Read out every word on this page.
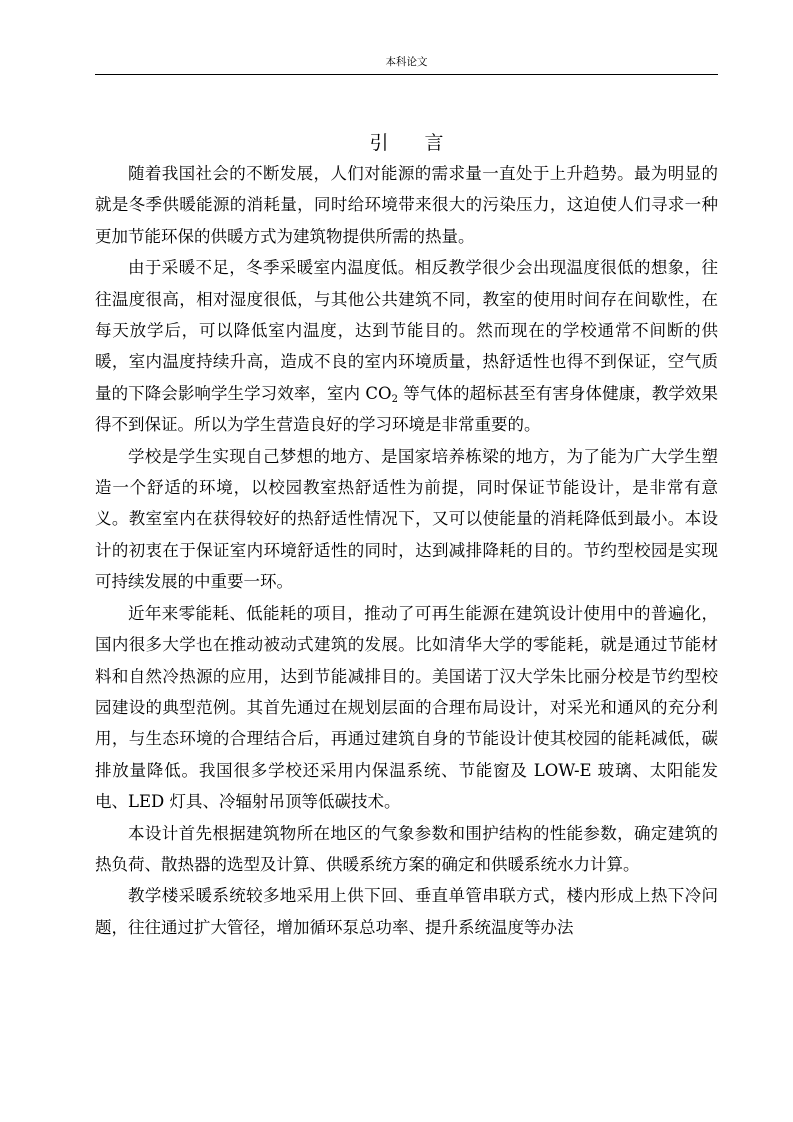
本科论文
引 言

随着我国社会的不断发展，人们对能源的需求量一直处于上升趋势。最为明显的就是冬季供暖能源的消耗量，同时给环境带来很大的污染压力，这迫使人们寻求一种更加节能环保的供暖方式为建筑物提供所需的热量。

由于采暖不足，冬季采暖室内温度低。相反教学很少会出现温度很低的想象，往往温度很高，相对湿度很低，与其他公共建筑不同，教室的使用时间存在间歇性，在每天放学后，可以降低室内温度，达到节能目的。然而现在的学校通常不间断的供暖，室内温度持续升高，造成不良的室内环境质量，热舒适性也得不到保证，空气质量的下降会影响学生学习效率，室内 $CO_2$ 等气体的超标甚至有害身体健康，教学效果得不到保证。所以为学生营造良好的学习环境是非常重要的。

学校是学生实现自己梦想的地方、是国家培养栋梁的地方，为了能为广大学生塑造一个舒适的环境，以校园教室热舒适性为前提，同时保证节能设计，是非常有意义。教室室内在获得较好的热舒适性情况下，又可以使能量的消耗降低到最小。本设计的初衷在于保证室内环境舒适性的同时，达到减排降耗的目的。节约型校园是实现可持续发展的中重要一环。

近年来零能耗、低能耗的项目，推动了可再生能源在建筑设计使用中的普遍化，国内很多大学也在推动被动式建筑的发展。比如清华大学的零能耗，就是通过节能材料和自然冷热源的应用，达到节能减排目的。美国诺丁汉大学朱比丽分校是节约型校园建设的典型范例。其首先通过在规划层面的合理布局设计，对采光和通风的充分利用，与生态环境的合理结合后，再通过建筑自身的节能设计使其校园的能耗减低，碳排放量降低。我国很多学校还采用内保温系统、节能窗及 LOW-E 玻璃、太阳能发电、LED 灯具、冷辐射吊顶等低碳技术。

本设计首先根据建筑物所在地区的气象参数和围护结构的性能参数，确定建筑的热负荷、散热器的选型及计算、供暖系统方案的确定和供暖系统水力计算。

教学楼采暖系统较多地采用上供下回、垂直单管串联方式，楼内形成上热下冷问题，往往通过扩大管径，增加循环泵总功率、提升系统温度等办法
